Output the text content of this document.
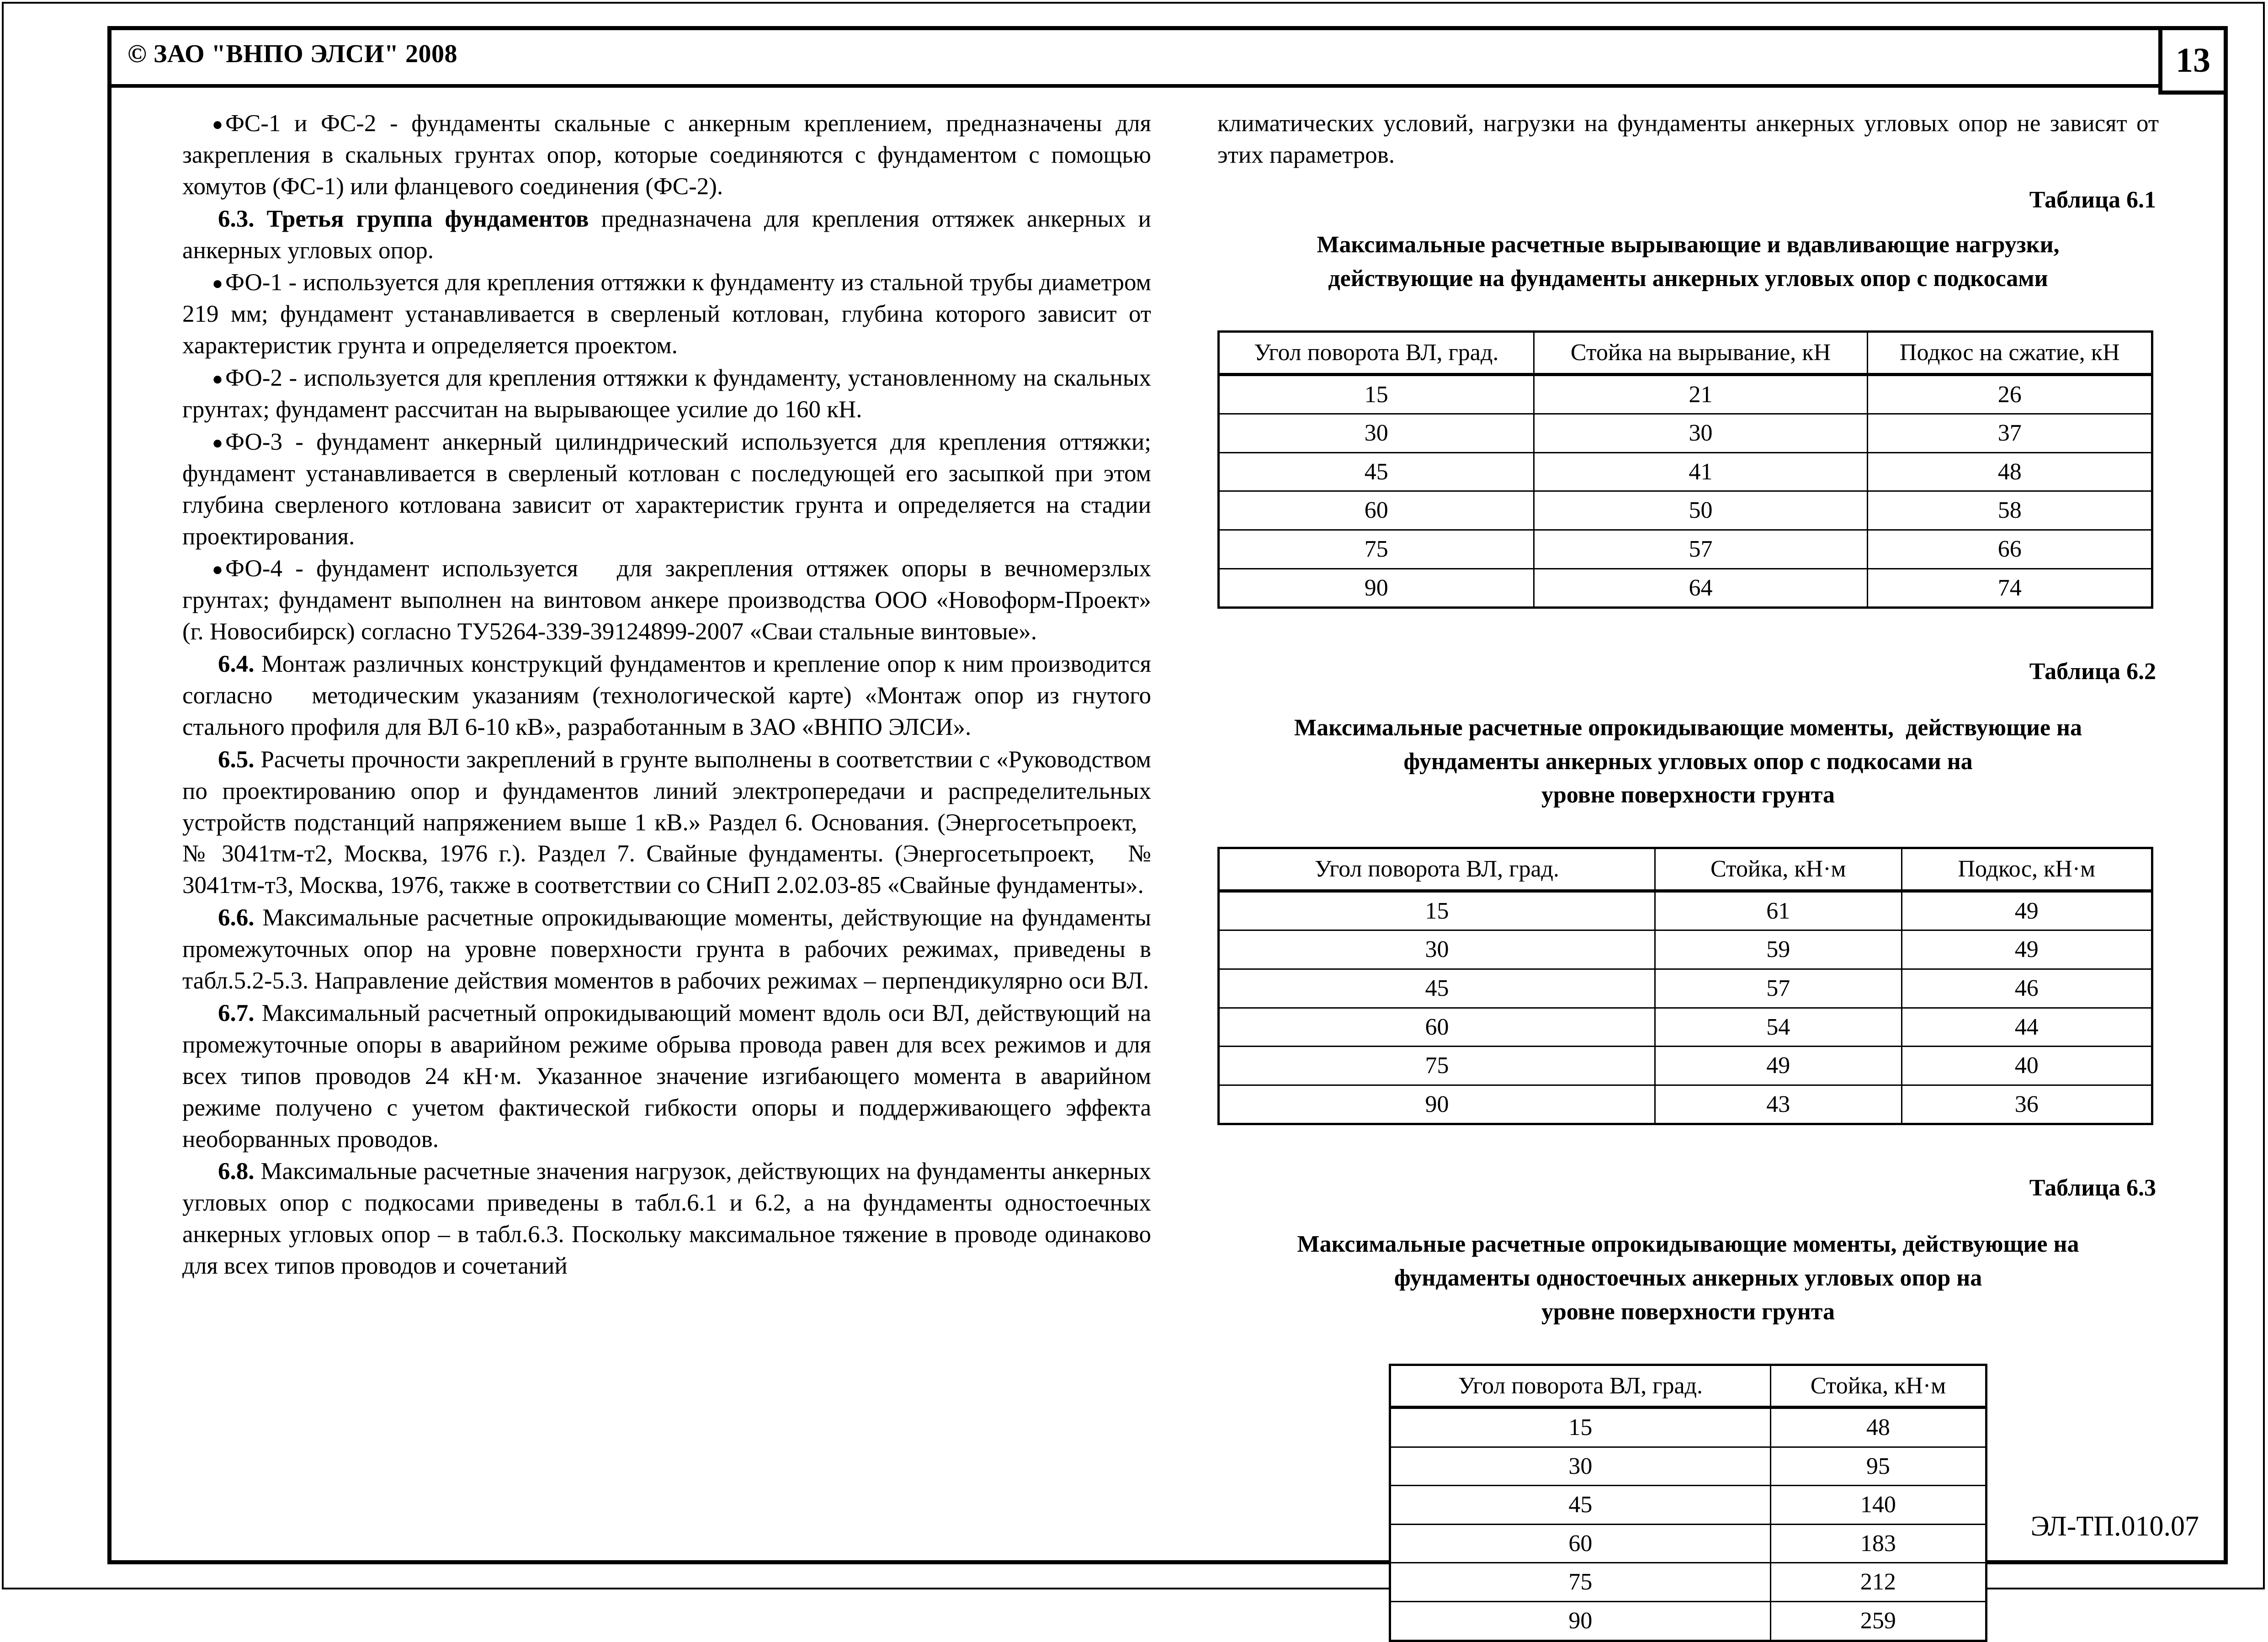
© ЗАО "ВНПО ЭЛСИ" 2008	13

●ФС-1 и ФС-2 - фундаменты скальные с анкерным креплением, предназначены для закрепления в скальных грунтах опор, которые соединяются с фундаментом с помощью хомутов (ФС-1) или фланцевого соединения (ФС-2).

6.3. Третья группа фундаментов предназначена для крепления оттяжек анкерных и анкерных угловых опор.

●ФО-1 - используется для крепления оттяжки к фундаменту из стальной трубы диаметром 219 мм; фундамент устанавливается в сверленый котлован, глубина которого зависит от характеристик грунта и определяется проектом.

●ФО-2 - используется для крепления оттяжки к фундаменту, установленному на скальных грунтах; фундамент рассчитан на вырывающее усилие до 160 кН.

●ФО-3 - фундамент анкерный цилиндрический используется для крепления оттяжки; фундамент устанавливается в сверленый котлован с последующей его засыпкой при этом глубина сверленого котлована зависит от характеристик грунта и определяется на стадии проектирования.

●ФО-4 - фундамент используется   для закрепления оттяжек опоры в вечномерзлых грунтах; фундамент выполнен на винтовом анкере производства ООО «Новоформ-Проект» (г. Новосибирск) согласно ТУ5264-339-39124899-2007 «Сваи стальные винтовые».

6.4. Монтаж различных конструкций фундаментов и крепление опор к ним производится согласно   методическим указаниям (технологической карте) «Монтаж опор из гнутого стального профиля для ВЛ 6-10 кВ», разработанным в ЗАО «ВНПО ЭЛСИ».

6.5. Расчеты прочности закреплений в грунте выполнены в соответствии с «Руководством по проектированию опор и фундаментов линий электропередачи и распределительных устройств подстанций напряжением выше 1 кВ.» Раздел 6. Основания. (Энергосетьпроект,   № 3041тм-т2, Москва, 1976 г.). Раздел 7. Свайные фундаменты. (Энергосетьпроект,   № 3041тм-т3, Москва, 1976, также в соответствии со СНиП 2.02.03-85 «Свайные фундаменты».

6.6. Максимальные расчетные опрокидывающие моменты, действующие на фундаменты промежуточных опор на уровне поверхности грунта в рабочих режимах, приведены в табл.5.2-5.3. Направление действия моментов в рабочих режимах – перпендикулярно оси ВЛ.

6.7. Максимальный расчетный опрокидывающий момент вдоль оси ВЛ, действующий на промежуточные опоры в аварийном режиме обрыва провода равен для всех режимов и для всех типов проводов 24 кН·м. Указанное значение изгибающего момента в аварийном режиме получено с учетом фактической гибкости опоры и поддерживающего эффекта необорванных проводов.

6.8. Максимальные расчетные значения нагрузок, действующих на фундаменты анкерных угловых опор с подкосами приведены в табл.6.1 и 6.2, а на фундаменты одностоечных анкерных угловых опор – в табл.6.3. Поскольку максимальное тяжение в проводе одинаково для всех типов проводов и сочетаний

климатических условий, нагрузки на фундаменты анкерных угловых опор не зависят от этих параметров.

Таблица 6.1
Максимальные расчетные вырывающие и вдавливающие нагрузки,
действующие на фундаменты анкерных угловых опор с подкосами
Угол поворота ВЛ, град.	Стойка на вырывание, кН	Подкос на сжатие, кН
15	21	26
30	30	37
45	41	48
60	50	58
75	57	66
90	64	74
Таблица 6.2
Максимальные расчетные опрокидывающие моменты,  действующие на
фундаменты анкерных угловых опор с подкосами на
уровне поверхности грунта
Угол поворота ВЛ, град.	Стойка, кН·м	Подкос, кН·м
15	61	49
30	59	49
45	57	46
60	54	44
75	49	40
90	43	36
Таблица 6.3
Максимальные расчетные опрокидывающие моменты, действующие на
фундаменты одностоечных анкерных угловых опор на
уровне поверхности грунта
Угол поворота ВЛ, град.	Стойка, кН·м
15	48
30	95
45	140
60	183
75	212
90	259
ЭЛ-ТП.010.07
